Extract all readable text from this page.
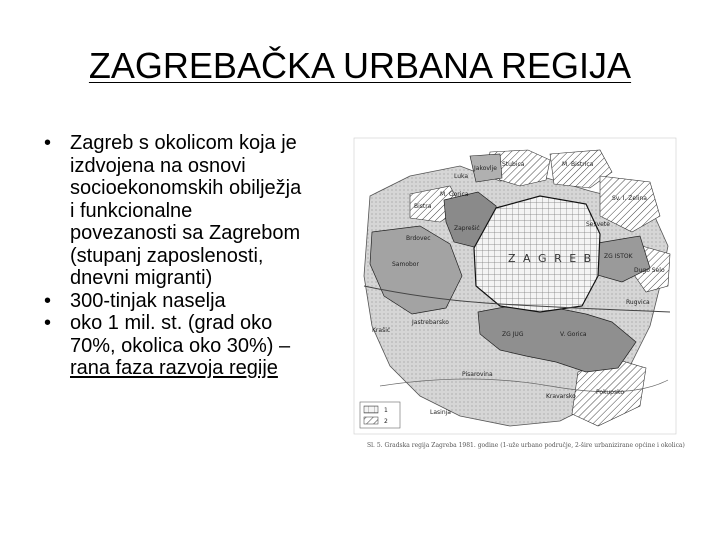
ZAGREBAČKA URBANA REGIJA
• Zagreb s okolicom koja je
izdvojena na osnovi
socioekonomskih obilježja
i funkcionalne
povezanosti sa Zagrebom
(stupanj zaposlenosti,
dnevni migranti)
• 300-tinjak naselja
• oko 1 mil. st. (grad oko
70%, okolica oko 30%) –
rana faza razvoja regije
Z A G R E B ZG ISTOK
ZG JUG	V. Gorica
Samobor
Zaprešić
Luka
Jakovlje
Bistra
Stubica	M. Bistrica
M. Gorica
Sv. I. Zelina
Dugo Selo
Rugvica
Krašić
Jastrebarsko
Pisarovina
Pokupsko
Kravarsko
Lasinja
Brdovec
Sesvete
1
2
Sl. 5. Gradska regija Zagreba 1981. godine (1-uže urbano područje, 2-šire urbanizirane općine i okolica)
